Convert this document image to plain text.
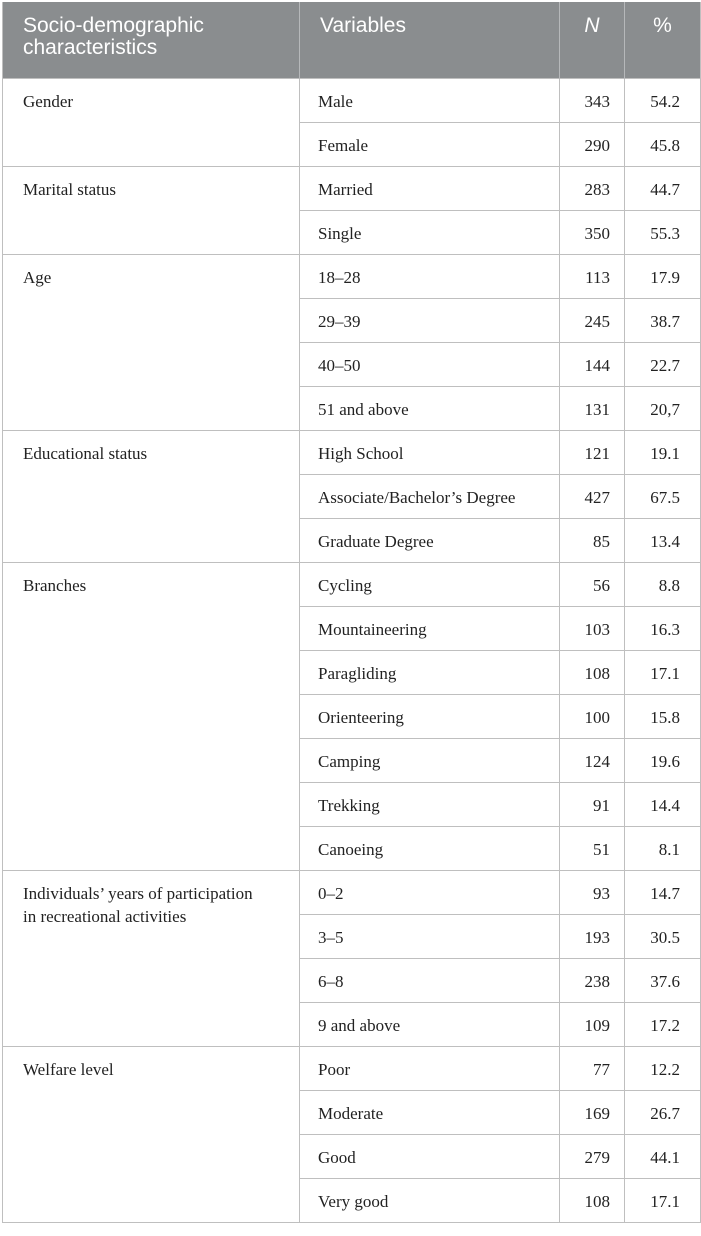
Socio-demographic characteristics	Variables	N	%
Gender	Male	343	54.2
	Female	290	45.8
Marital status	Married	283	44.7
	Single	350	55.3
Age	18–28	113	17.9
	29–39	245	38.7
	40–50	144	22.7
	51 and above	131	20,7
Educational status	High School	121	19.1
	Associate/Bachelor’s Degree	427	67.5
	Graduate Degree	85	13.4
Branches	Cycling	56	8.8
	Mountaineering	103	16.3
	Paragliding	108	17.1
	Orienteering	100	15.8
	Camping	124	19.6
	Trekking	91	14.4
	Canoeing	51	8.1
Individuals’ years of participation in recreational activities	0–2	93	14.7
	3–5	193	30.5
	6–8	238	37.6
	9 and above	109	17.2
Welfare level	Poor	77	12.2
	Moderate	169	26.7
	Good	279	44.1
	Very good	108	17.1
